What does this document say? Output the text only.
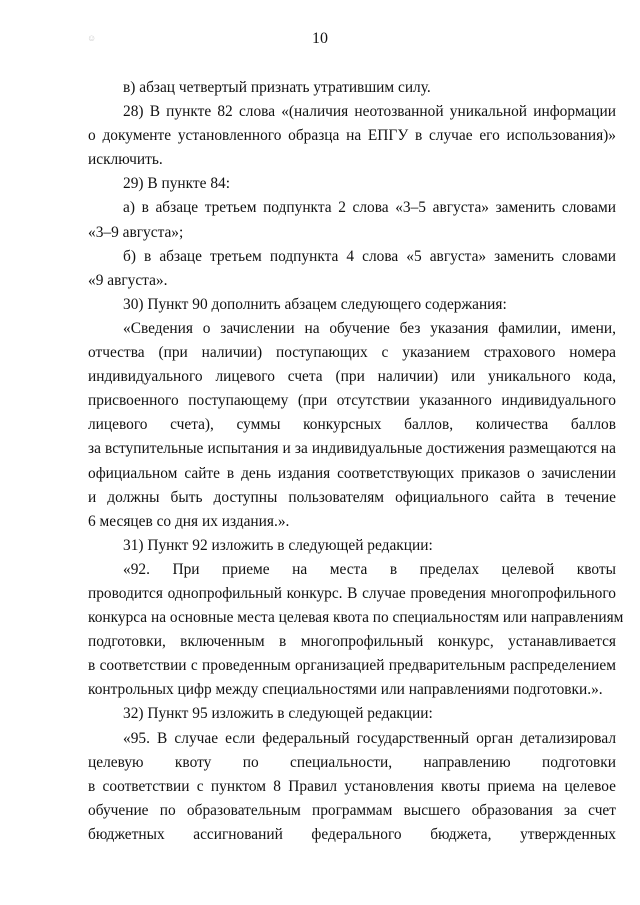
☺	10
в) абзац четвертый признать утратившим силу.
28) В пункте 82 слова «(наличия неотозванной уникальной информации
о документе установленного образца на ЕПГУ в случае его использования)»
исключить.
29) В пункте 84:
а) в абзаце третьем подпункта 2 слова «3–5 августа» заменить словами
«3–9 августа»;
б) в абзаце третьем подпункта 4 слова «5 августа» заменить словами
«9 августа».
30) Пункт 90 дополнить абзацем следующего содержания:
«Сведения о зачислении на обучение без указания фамилии, имени,
отчества (при наличии) поступающих с указанием страхового номера
индивидуального лицевого счета (при наличии) или уникального кода,
присвоенного поступающему (при отсутствии указанного индивидуального
лицевого счета), суммы конкурсных баллов, количества баллов
за вступительные испытания и за индивидуальные достижения размещаются на
официальном сайте в день издания соответствующих приказов о зачислении
и должны быть доступны пользователям официального сайта в течение
6 месяцев со дня их издания.».
31) Пункт 92 изложить в следующей редакции:
«92. При приеме на места в пределах целевой квоты
проводится однопрофильный конкурс. В случае проведения многопрофильного
конкурса на основные места целевая квота по специальностям или направлениям
подготовки, включенным в многопрофильный конкурс, устанавливается
в соответствии с проведенным организацией предварительным распределением
контрольных цифр между специальностями или направлениями подготовки.».
32) Пункт 95 изложить в следующей редакции:
«95. В случае если федеральный государственный орган детализировал
целевую квоту по специальности, направлению подготовки
в соответствии с пунктом 8 Правил установления квоты приема на целевое
обучение по образовательным программам высшего образования за счет
бюджетных ассигнований федерального бюджета, утвержденных
